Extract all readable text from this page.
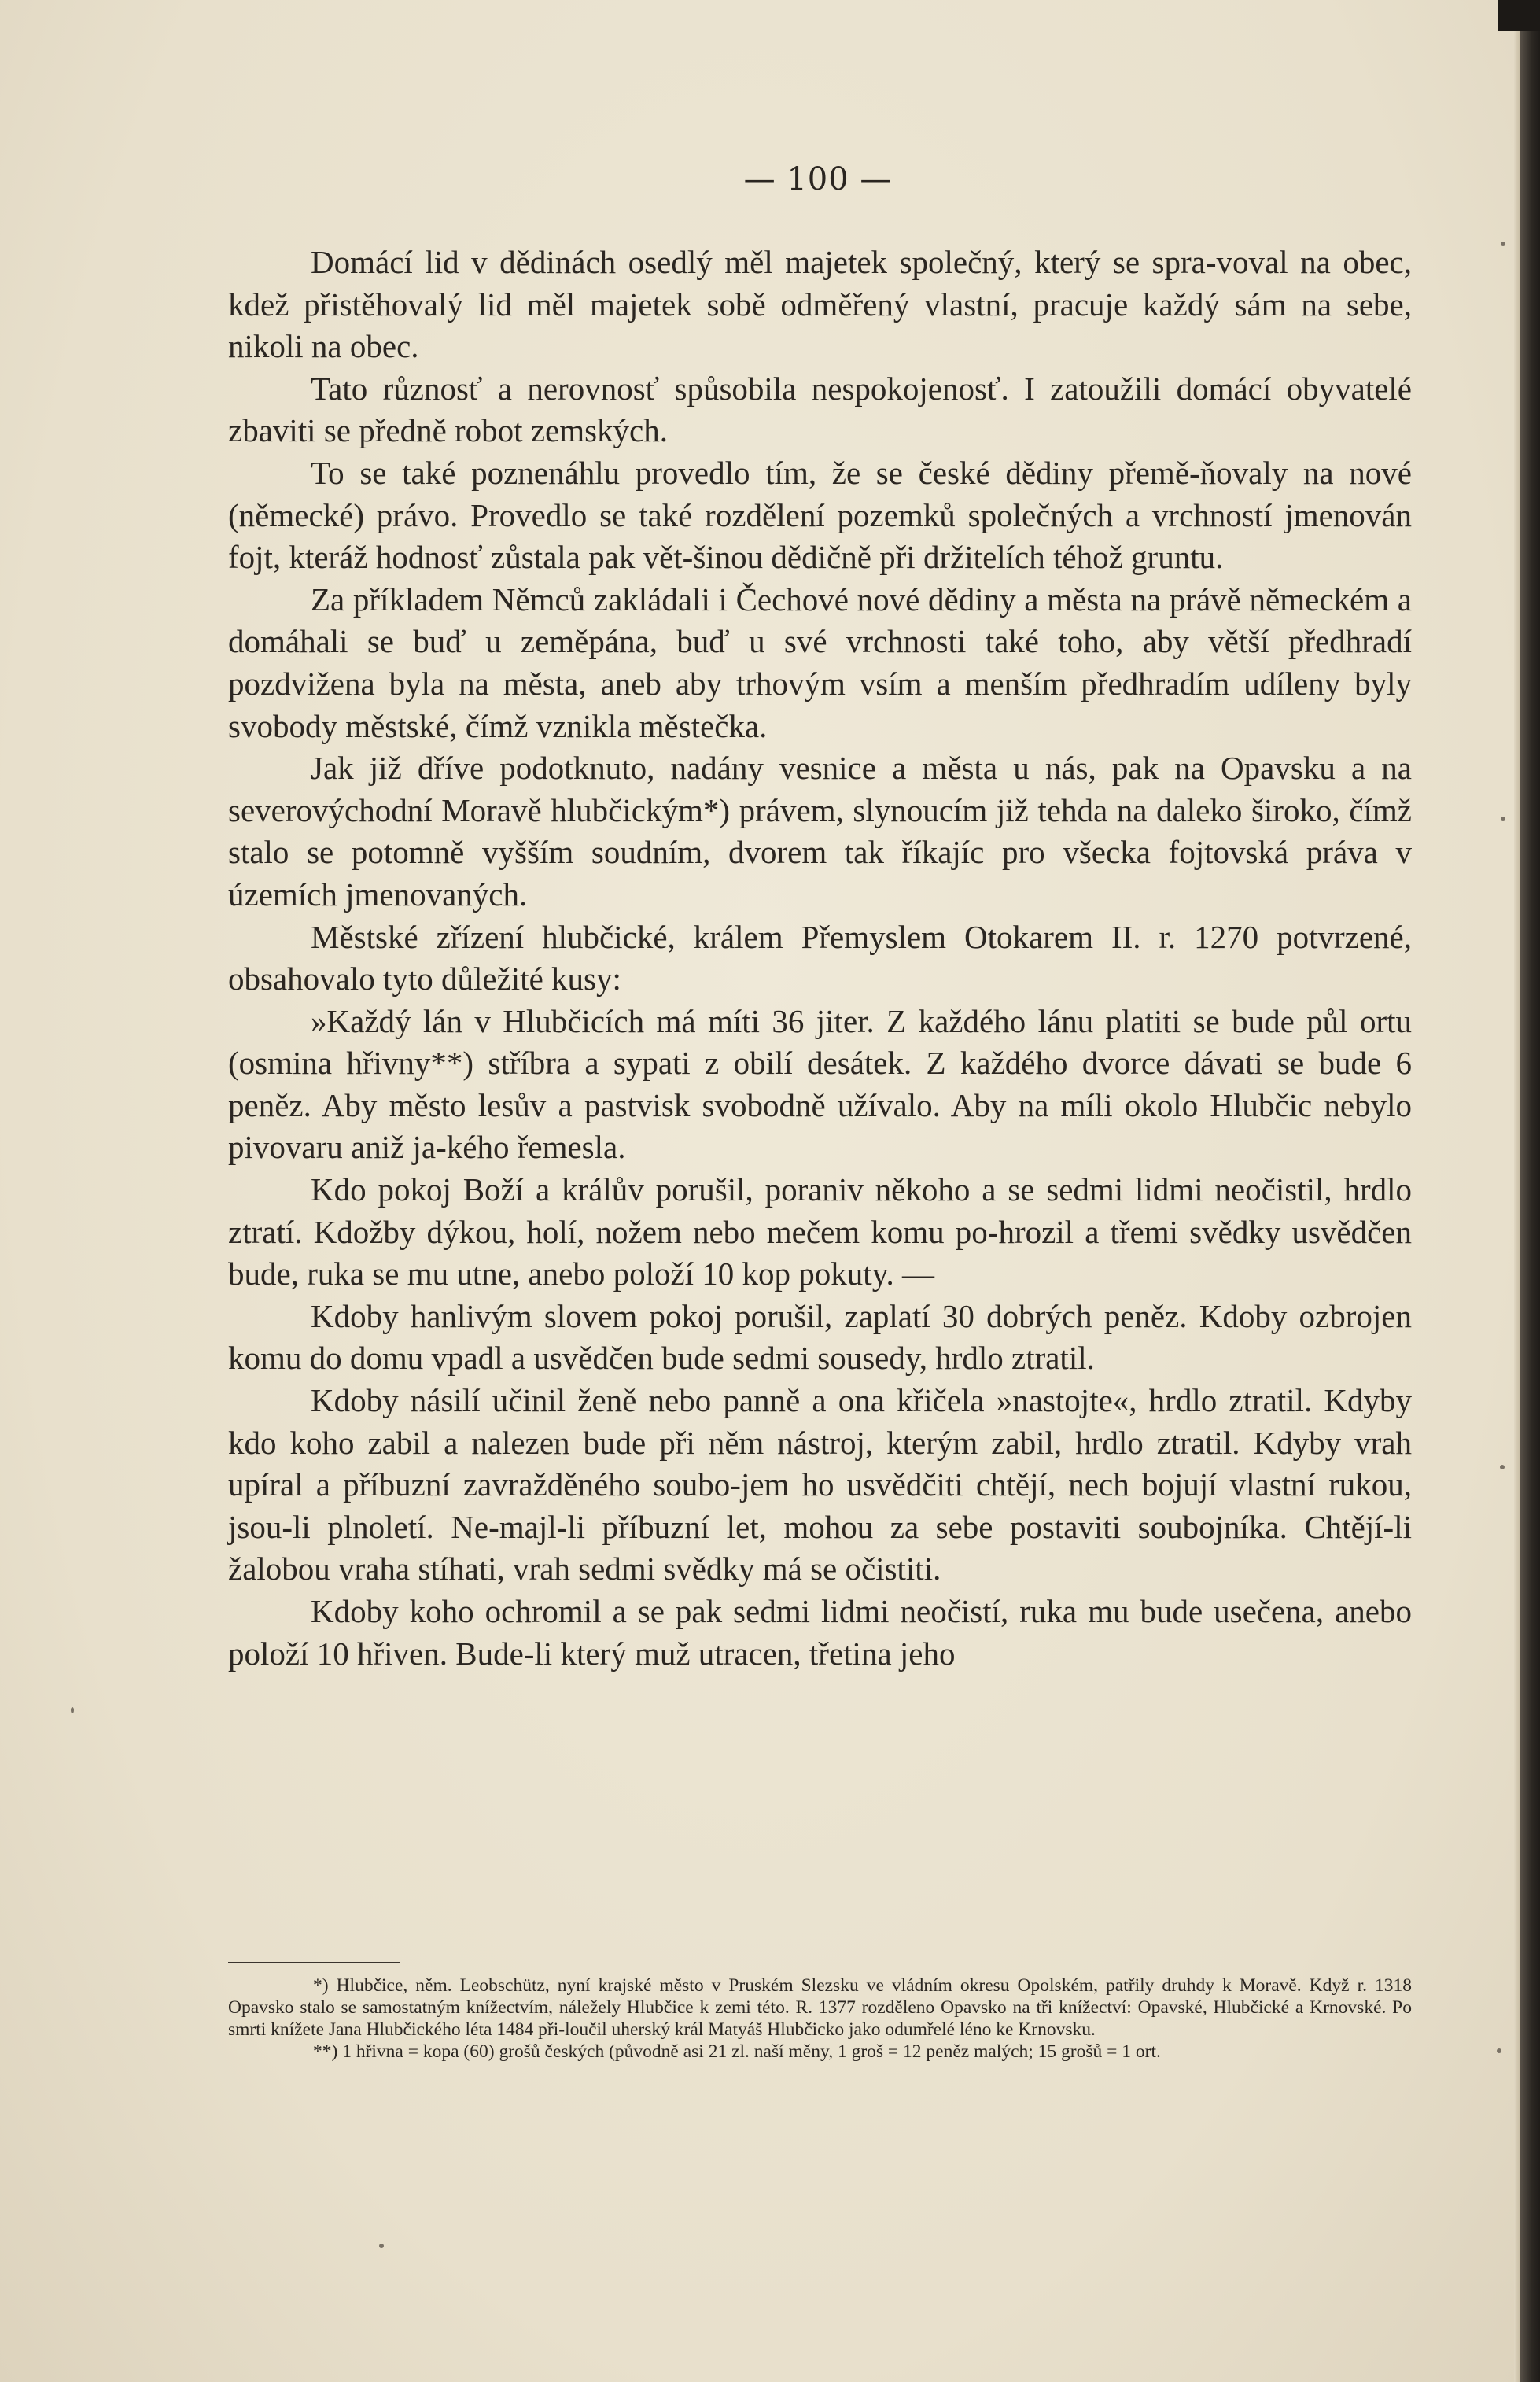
— 100 —

Domácí lid v dědinách osedlý měl majetek společný, který se spra-voval na obec, kdež přistěhovalý lid měl majetek sobě odměřený vlastní, pracuje každý sám na sebe, nikoli na obec.

Tato různosť a nerovnosť spůsobila nespokojenosť. I zatoužili domácí obyvatelé zbaviti se předně robot zemských.

To se také poznenáhlu provedlo tím, že se české dědiny přemě-ňovaly na nové (německé) právo. Provedlo se také rozdělení pozemků společných a vrchností jmenován fojt, kteráž hodnosť zůstala pak vět-šinou dědičně při držitelích téhož gruntu.

Za příkladem Němců zakládali i Čechové nové dědiny a města na právě německém a domáhali se buď u zeměpána, buď u své vrchnosti také toho, aby větší předhradí pozdvižena byla na města, aneb aby trhovým vsím a menším předhradím udíleny byly svobody městské, čímž vznikla městečka.

Jak již dříve podotknuto, nadány vesnice a města u nás, pak na Opavsku a na severovýchodní Moravě hlubčickým*) právem, slynoucím již tehda na daleko široko, čímž stalo se potomně vyšším soudním, dvorem tak říkajíc pro všecka fojtovská práva v územích jmenovaných.

Městské zřízení hlubčické, králem Přemyslem Otokarem II. r. 1270 potvrzené, obsahovalo tyto důležité kusy:

»Každý lán v Hlubčicích má míti 36 jiter. Z každého lánu platiti se bude půl ortu (osmina hřivny**) stříbra a sypati z obilí desátek. Z každého dvorce dávati se bude 6 peněz. Aby město lesův a pastvisk svobodně užívalo. Aby na míli okolo Hlubčic nebylo pivovaru aniž ja-kého řemesla.

Kdo pokoj Boží a králův porušil, poraniv někoho a se sedmi lidmi neočistil, hrdlo ztratí. Kdožby dýkou, holí, nožem nebo mečem komu po-hrozil a třemi svědky usvědčen bude, ruka se mu utne, anebo položí 10 kop pokuty. —

Kdoby hanlivým slovem pokoj porušil, zaplatí 30 dobrých peněz. Kdoby ozbrojen komu do domu vpadl a usvědčen bude sedmi sousedy, hrdlo ztratil.

Kdoby násilí učinil ženě nebo panně a ona křičela »nastojte«, hrdlo ztratil. Kdyby kdo koho zabil a nalezen bude při něm nástroj, kterým zabil, hrdlo ztratil. Kdyby vrah upíral a příbuzní zavražděného soubo-jem ho usvědčiti chtějí, nech bojují vlastní rukou, jsou-li plnoletí. Ne-majl-li příbuzní let, mohou za sebe postaviti soubojníka. Chtějí-li žalobou vraha stíhati, vrah sedmi svědky má se očistiti.

Kdoby koho ochromil a se pak sedmi lidmi neočistí, ruka mu bude usečena, anebo položí 10 hřiven. Bude-li který muž utracen, třetina jeho

*) Hlubčice, něm. Leobschütz, nyní krajské město v Pruském Slezsku ve vládním okresu Opolském, patřily druhdy k Moravě. Když r. 1318 Opavsko stalo se samostatným knížectvím, náležely Hlubčice k zemi této. R. 1377 rozděleno Opavsko na tři knížectví: Opavské, Hlubčické a Krnovské. Po smrti knížete Jana Hlubčického léta 1484 při-loučil uherský král Matyáš Hlubčicko jako odumřelé léno ke Krnovsku.

**) 1 hřivna = kopa (60) grošů českých (původně asi 21 zl. naší měny, 1 groš = 12 peněz malých; 15 grošů = 1 ort.
